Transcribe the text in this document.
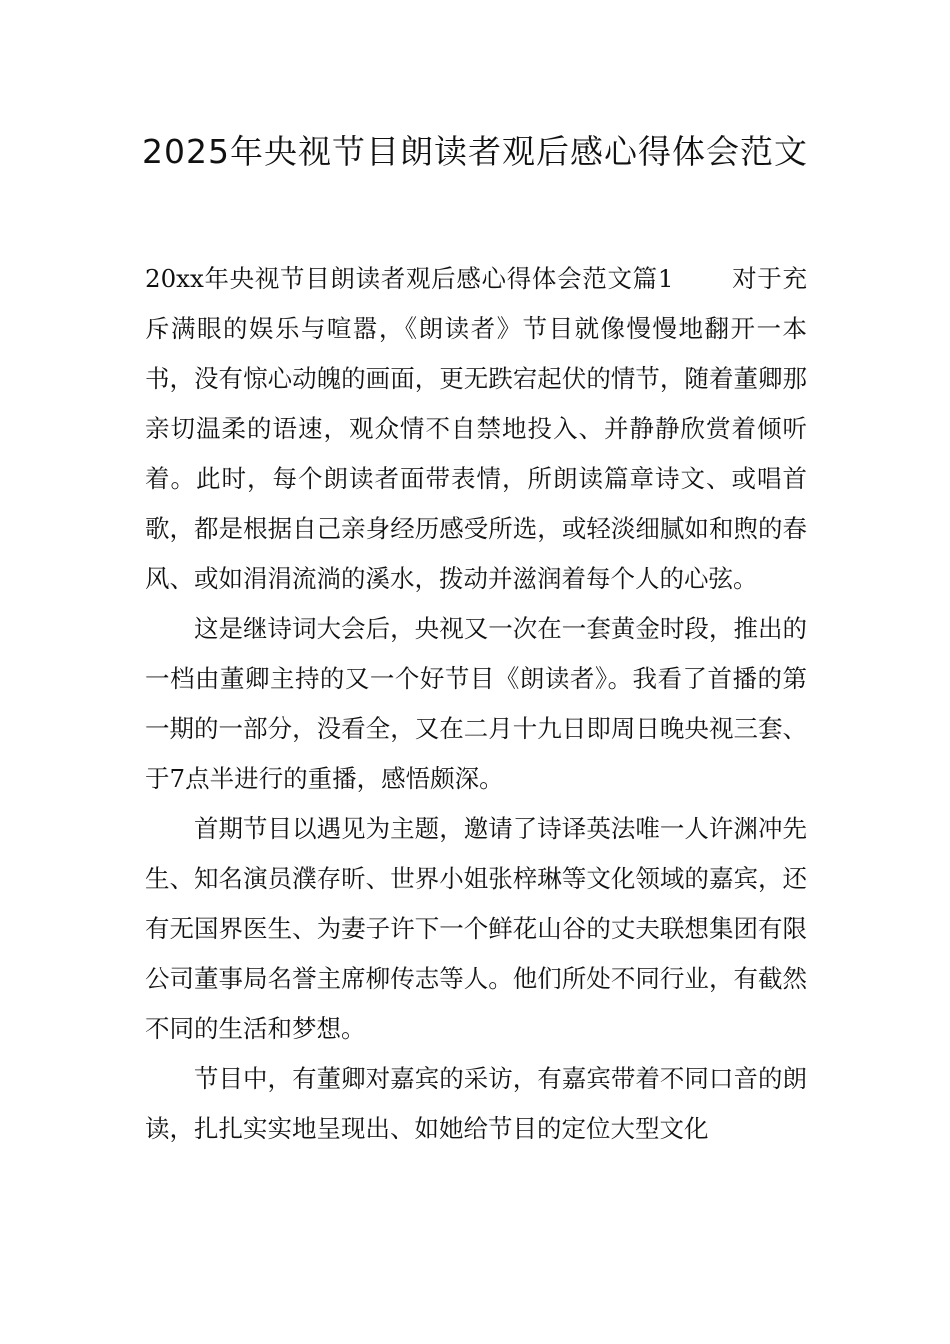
2025年央视节目朗读者观后感心得体会范文

20xx年央视节目朗读者观后感心得体会范文篇1 对于充斥满眼的娱乐与喧嚣，《朗读者》节目就像慢慢地翻开一本书，没有惊心动魄的画面，更无跌宕起伏的情节，随着董卿那亲切温柔的语速，观众情不自禁地投入、并静静欣赏着倾听着。此时，每个朗读者面带表情，所朗读篇章诗文、或唱首歌，都是根据自己亲身经历感受所选，或轻淡细腻如和煦的春风、或如涓涓流淌的溪水，拨动并滋润着每个人的心弦。

这是继诗词大会后，央视又一次在一套黄金时段，推出的一档由董卿主持的又一个好节目《朗读者》。我看了首播的第一期的一部分，没看全，又在二月十九日即周日晚央视三套、于7点半进行的重播，感悟颇深。

首期节目以遇见为主题，邀请了诗译英法唯一人许渊冲先生、知名演员濮存昕、世界小姐张梓琳等文化领域的嘉宾，还有无国界医生、为妻子许下一个鲜花山谷的丈夫联想集团有限公司董事局名誉主席柳传志等人。他们所处不同行业，有截然不同的生活和梦想。

节目中，有董卿对嘉宾的采访，有嘉宾带着不同口音的朗读，扎扎实实地呈现出、如她给节目的定位大型文化
